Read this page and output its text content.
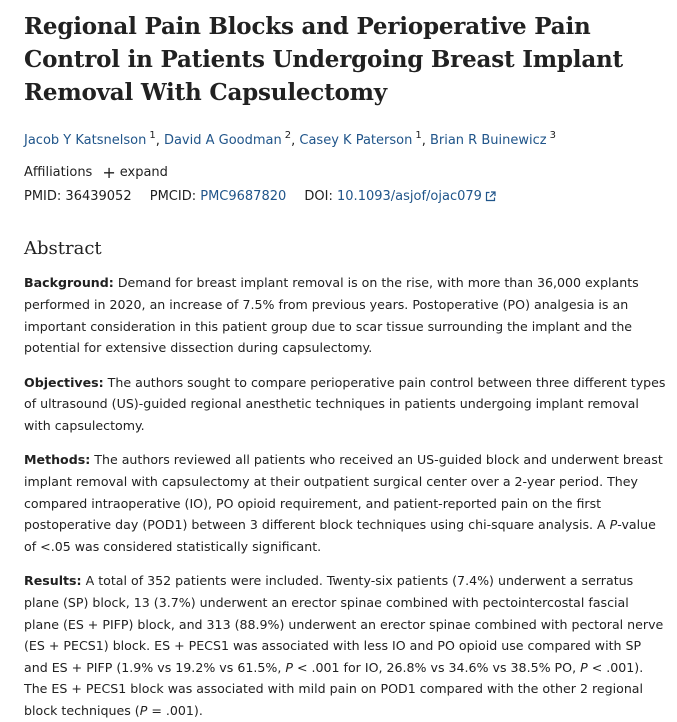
Regional Pain Blocks and Perioperative Pain Control in Patients Undergoing Breast Implant Removal With Capsulectomy
Jacob Y Katsnelson $^1$, David A Goodman $^2$, Casey K Paterson $^1$, Brian R Buinewicz $^3$
Affiliations + expand
PMID: 36439052 PMCID: PMC9687820 DOI: 10.1093/asjof/ojac079
Abstract

Background: Demand for breast implant removal is on the rise, with more than 36,000 explants performed in 2020, an increase of 7.5% from previous years. Postoperative (PO) analgesia is an important consideration in this patient group due to scar tissue surrounding the implant and the potential for extensive dissection during capsulectomy.

Objectives: The authors sought to compare perioperative pain control between three different types of ultrasound (US)-guided regional anesthetic techniques in patients undergoing implant removal with capsulectomy.

Methods: The authors reviewed all patients who received an US-guided block and underwent breast implant removal with capsulectomy at their outpatient surgical center over a 2-year period. They compared intraoperative (IO), PO opioid requirement, and patient-reported pain on the first postoperative day (POD1) between 3 different block techniques using chi-square analysis. A P-value of <.05 was considered statistically significant.

Results: A total of 352 patients were included. Twenty-six patients (7.4%) underwent a serratus plane (SP) block, 13 (3.7%) underwent an erector spinae combined with pectointercostal fascial plane (ES + PIFP) block, and 313 (88.9%) underwent an erector spinae combined with pectoral nerve (ES + PECS1) block. ES + PECS1 was associated with less IO and PO opioid use compared with SP and ES + PIFP (1.9% vs 19.2% vs 61.5%, P < .001 for IO, 26.8% vs 34.6% vs 38.5% PO, P < .001). The ES + PECS1 block was associated with mild pain on POD1 compared with the other 2 regional block techniques (P = .001).
